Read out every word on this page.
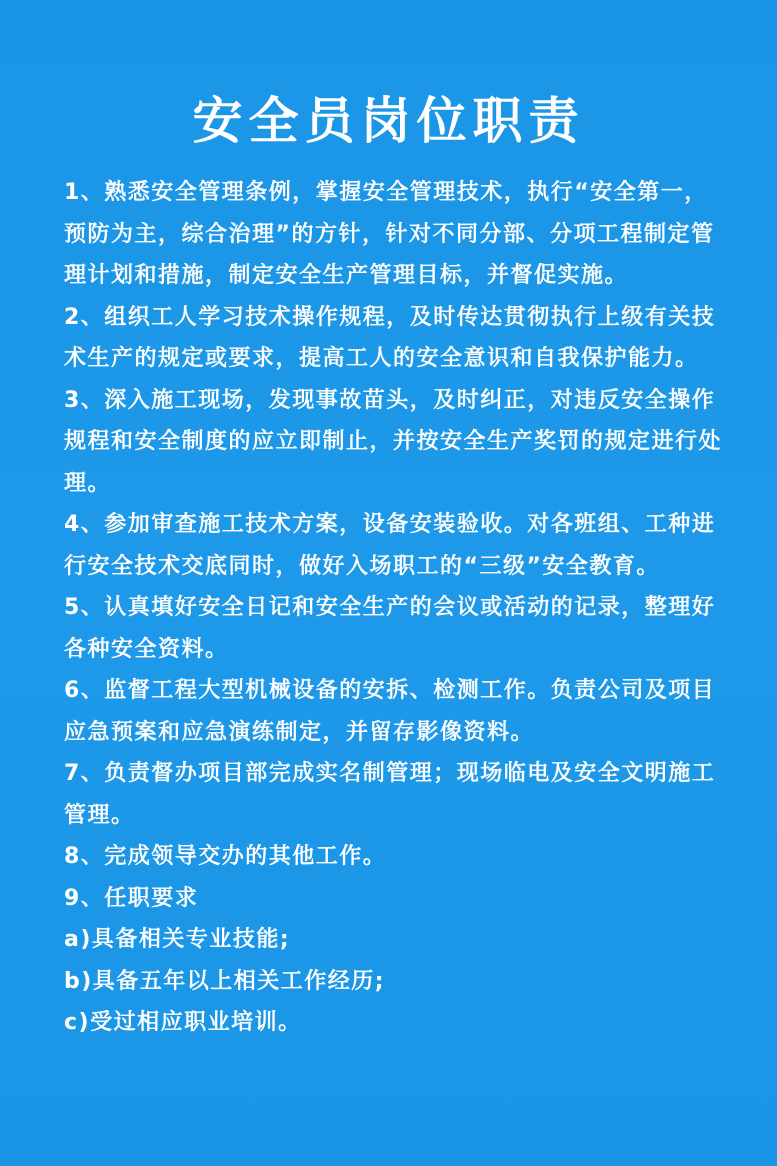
安全员岗位职责

1、熟悉安全管理条例，掌握安全管理技术，执行“安全第一，预防为主，综合治理”的方针，针对不同分部、分项工程制定管理计划和措施，制定安全生产管理目标，并督促实施。

2、组织工人学习技术操作规程，及时传达贯彻执行上级有关技术生产的规定或要求，提高工人的安全意识和自我保护能力。

3、深入施工现场，发现事故苗头，及时纠正，对违反安全操作规程和安全制度的应立即制止，并按安全生产奖罚的规定进行处理。

4、参加审查施工技术方案，设备安装验收。对各班组、工种进行安全技术交底同时，做好入场职工的“三级”安全教育。

5、认真填好安全日记和安全生产的会议或活动的记录，整理好各种安全资料。

6、监督工程大型机械设备的安拆、检测工作。负责公司及项目应急预案和应急演练制定，并留存影像资料。

7、负责督办项目部完成实名制管理；现场临电及安全文明施工管理。

8、完成领导交办的其他工作。

9、任职要求

a)具备相关专业技能;

b)具备五年以上相关工作经历;

c)受过相应职业培训。
